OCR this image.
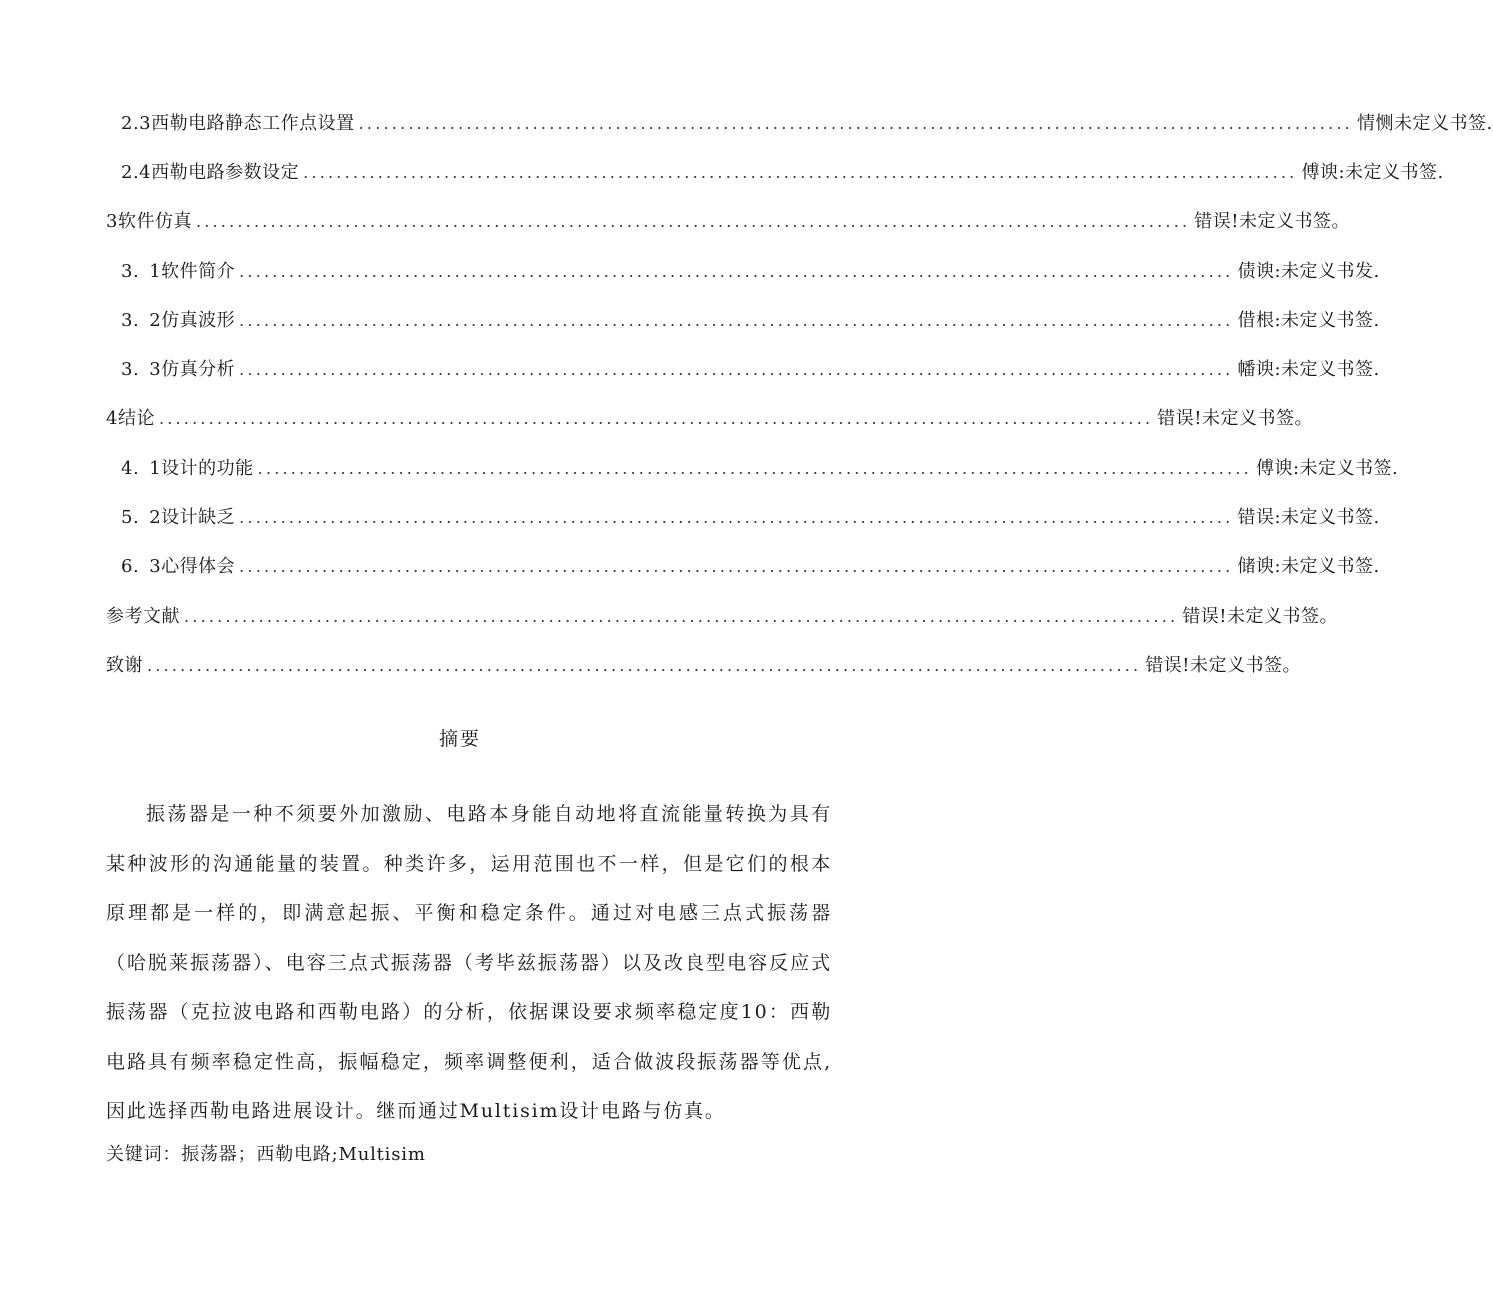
2.3 西勒电路静态工作点设置 ........................................................................................................................ 情恻未定义书签.
2.4 西勒电路参数设定 ........................................................................................................................ 傅谀:未定义书签.
3 软件仿真 ........................................................................................................................ 错误!未定义书签。
3. 1软件简介 ........................................................................................................................ 债谀:未定义书发.
3. 2仿真波形 ........................................................................................................................ 借根:未定义书签.
3. 3仿真分析 ........................................................................................................................ 幡谀:未定义书签.
4 结论 ........................................................................................................................ 错误!未定义书签。
4. 1设计的功能 ........................................................................................................................ 傅谀:未定义书签.
5. 2设计缺乏 ........................................................................................................................ 错误:未定义书签.
6. 3心得体会 ........................................................................................................................ 储谀:未定义书签.
参考文献 ........................................................................................................................ 错误!未定义书签。
致谢 ........................................................................................................................ 错误!未定义书签。
摘要

振荡器是一种不须要外加激励、电路本身能自动地将直流能量转换为具有某种波形的沟通能量的装置。种类许多，运用范围也不一样，但是它们的根本原理都是一样的，即满意起振、平衡和稳定条件。通过对电感三点式振荡器（哈脱莱振荡器）、电容三点式振荡器（考毕兹振荡器）以及改良型电容反应式振荡器（克拉波电路和西勒电路）的分析，依据课设要求频率稳定度10：西勒电路具有频率稳定性高，振幅稳定，频率调整便利，适合做波段振荡器等优点,因此选择西勒电路进展设计。继而通过Multisim设计电路与仿真。

关键词：振荡器；西勒电路;Multisim
